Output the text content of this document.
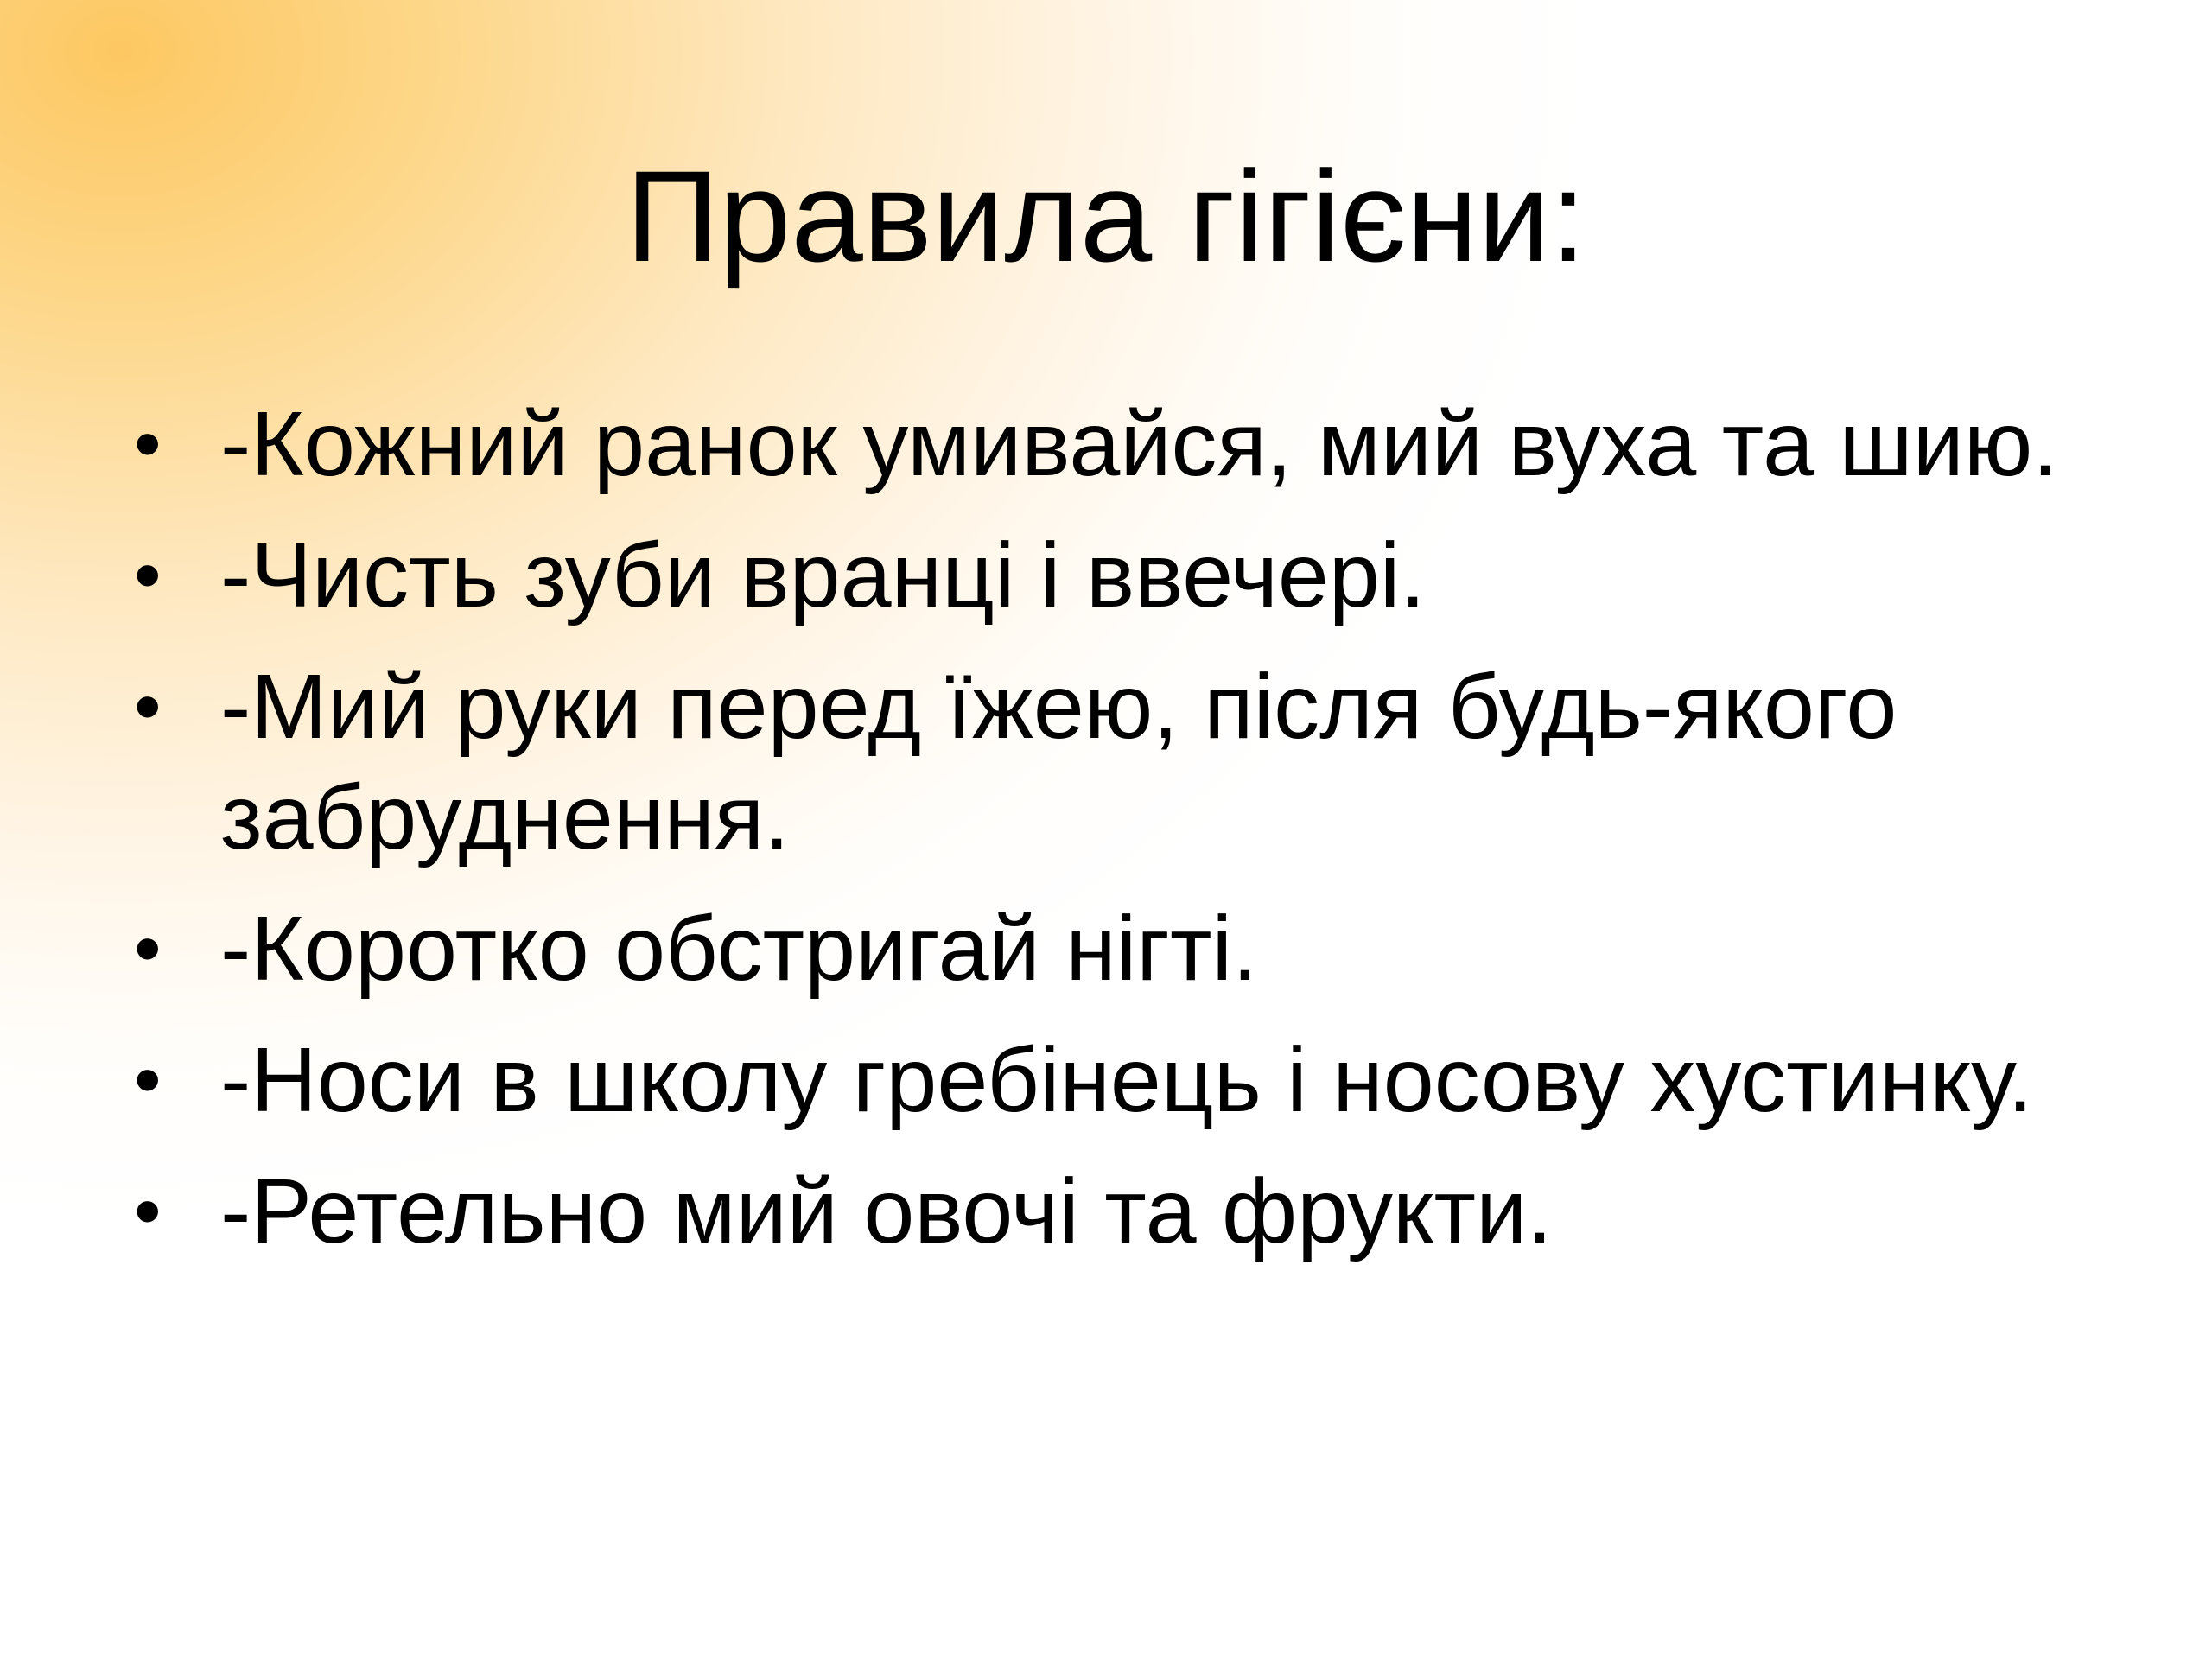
Правила гігієни:
• -Кожний ранок умивайся, мий вуха та шию.
• -Чисть зуби вранці і ввечері.
• -Мий руки перед їжею, після будь-якого забруднення.
• -Коротко обстригай нігті.
• -Носи в школу гребінець і носову хустинку.
• -Ретельно мий овочі та фрукти.
